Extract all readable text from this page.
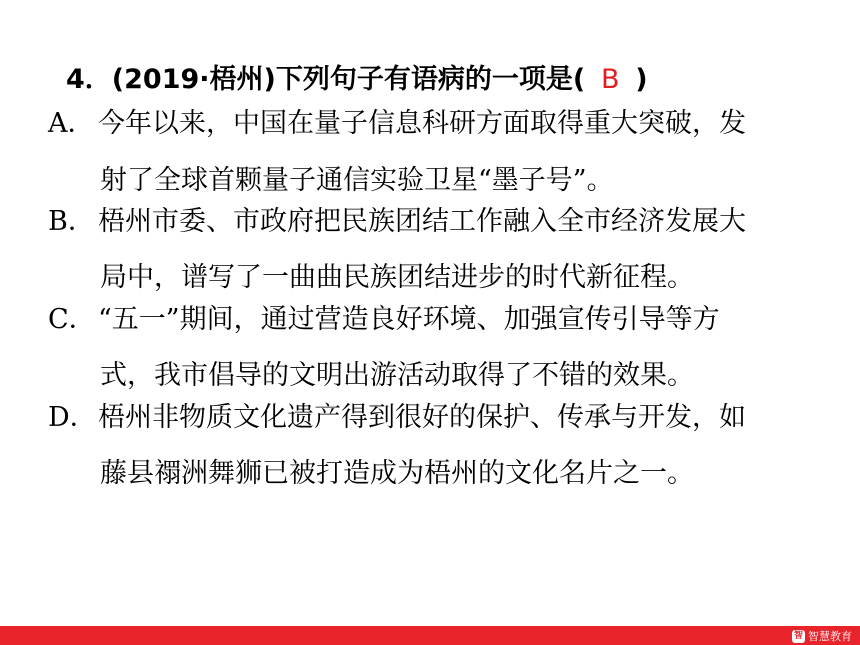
4．(2019·梧州)下列句子有语病的一项是( B )
A． 今年以来，中国在量子信息科研方面取得重大突破，发
射了全球首颗量子通信实验卫星“墨子号”。
B． 梧州市委、市政府把民族团结工作融入全市经济发展大
局中，谱写了一曲曲民族团结进步的时代新征程。
C．“五一”期间，通过营造良好环境、加强宣传引导等方
式，我市倡导的文明出游活动取得了不错的效果。
D．梧州非物质文化遗产得到很好的保护、传承与开发，如
藤县禤洲舞狮已被打造成为梧州的文化名片之一。
智 智慧教育
